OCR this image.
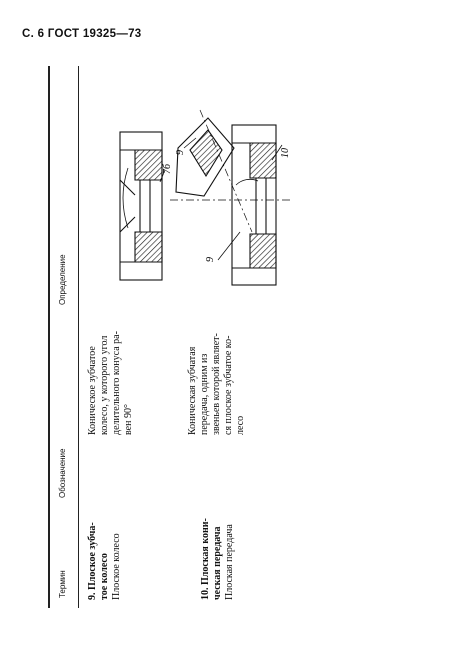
С. 6 ГОСТ 19325—73
Термин
Обозначение
Определение
9. Плоское зубча- тое колесо Плоское колесо
Коническое зубчатое колесо, у которого угол делительного конуса ра- вен 90°
10. Плоская кони- ческая передача Плоская передача
Коническая зубчатая передача, одним из звеньев которой являет- ся плоское зубчатое ко- лесо
7б
9	10
9
